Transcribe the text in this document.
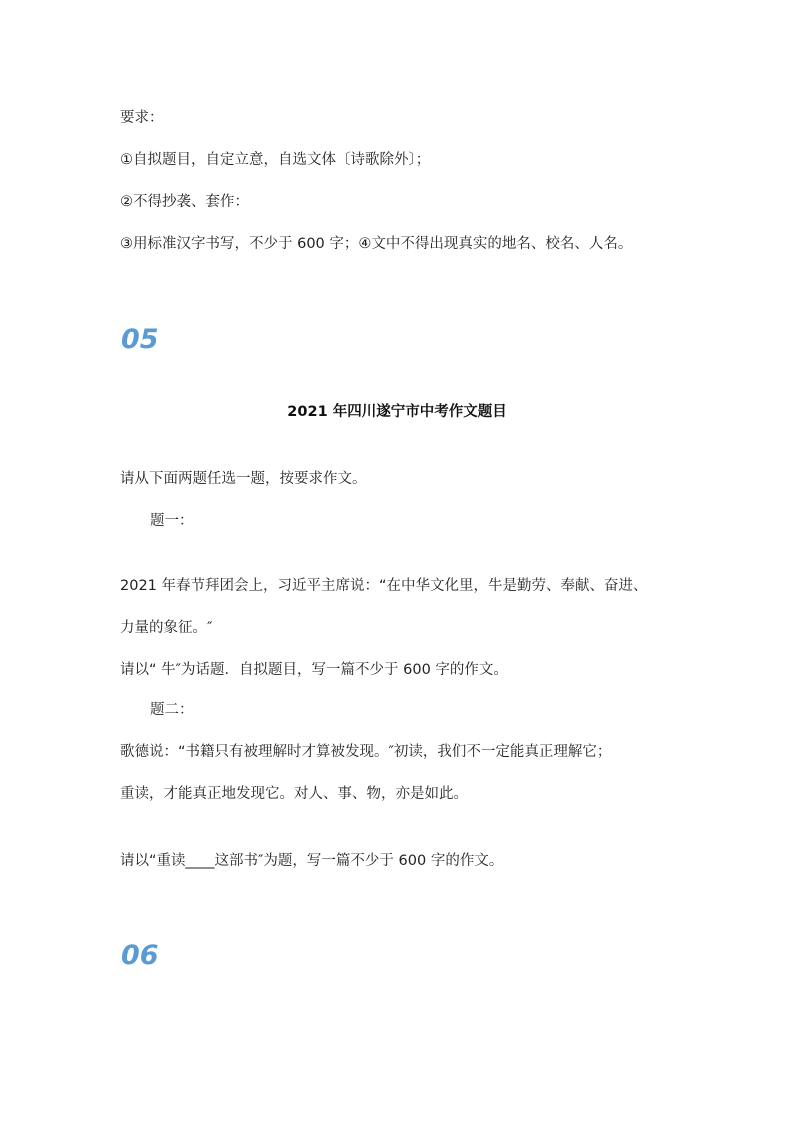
要求：
①自拟题目，自定立意，自选文体〔诗歌除外〕；
②不得抄袭、套作：
③用标准汉字书写，不少于 600 字；④文中不得出现真实的地名、校名、人名。
05
2021 年四川遂宁市中考作文题目
请从下面两题任选一题，按要求作文。
题一：
2021 年春节拜团会上，习近平主席说：“在中华文化里，牛是勤劳、奉献、奋进、
力量的象征。″
请以“ 牛″为话题．自拟题目，写一篇不少于 600 字的作文。
题二：
歌德说：“书籍只有被理解时才算被发现。″初读，我们不一定能真正理解它；
重读，才能真正地发现它。对人、事、物，亦是如此。
请以“重读____这部书″为题，写一篇不少于 600 字的作文。
06
